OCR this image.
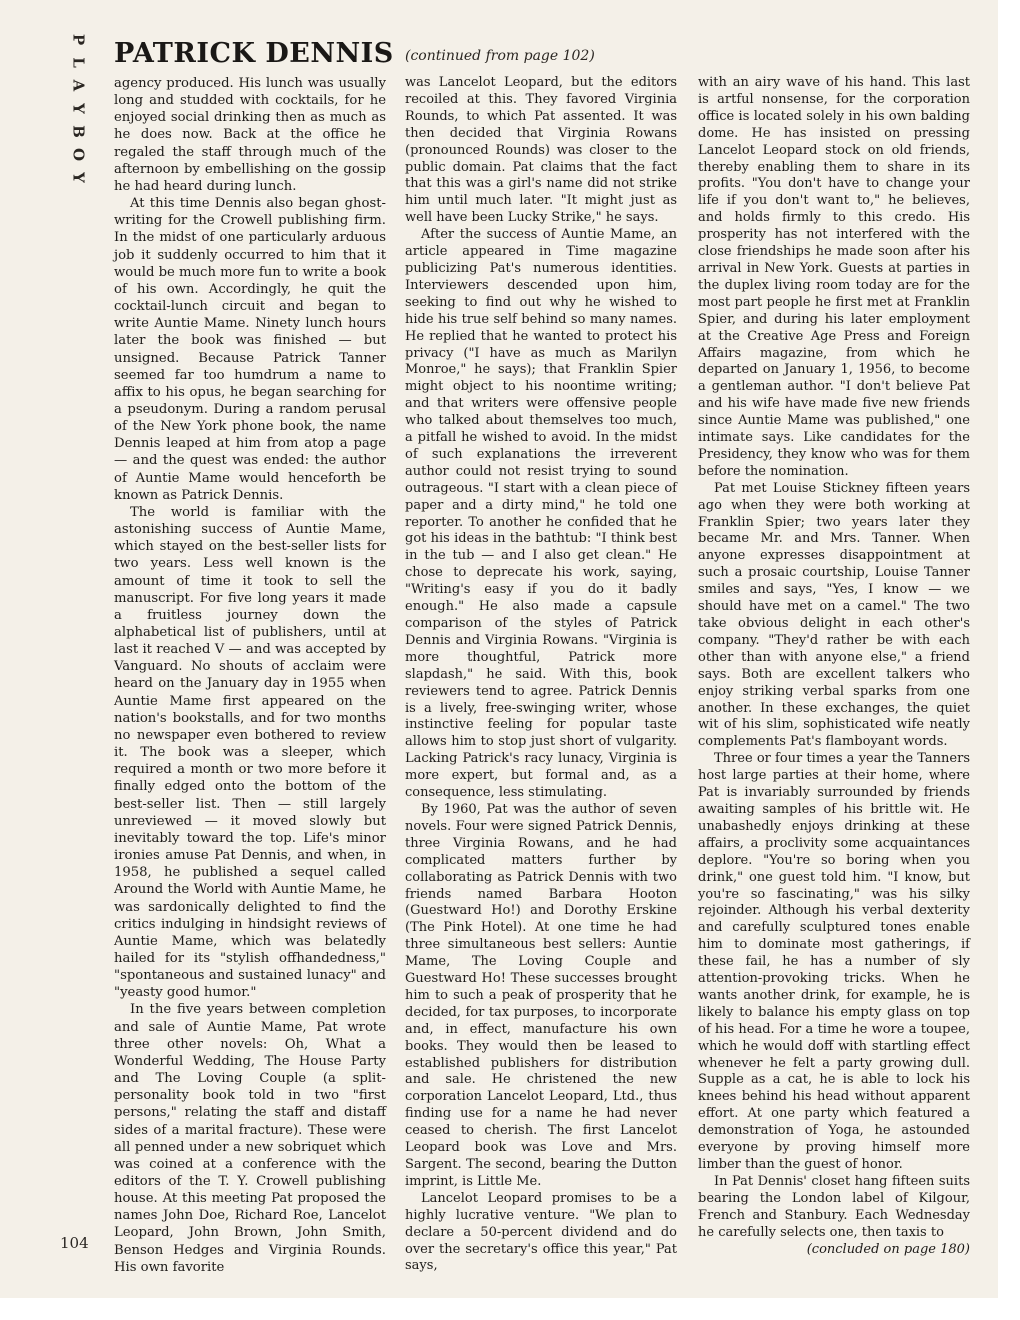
P
L
A
Y
B
O
Y
PATRICK DENNIS (continued from page 102)

agency produced. His lunch was usually long and studded with cocktails, for he enjoyed social drinking then as much as he does now. Back at the office he regaled the staff through much of the afternoon by embellishing on the gossip he had heard during lunch.

At this time Dennis also began ghost-writing for the Crowell publishing firm. In the midst of one particularly arduous job it suddenly occurred to him that it would be much more fun to write a book of his own. Accordingly, he quit the cocktail-lunch circuit and began to write Auntie Mame. Ninety lunch hours later the book was finished — but unsigned. Because Patrick Tanner seemed far too humdrum a name to affix to his opus, he began searching for a pseudonym. During a random perusal of the New York phone book, the name Dennis leaped at him from atop a page — and the quest was ended: the author of Auntie Mame would henceforth be known as Patrick Dennis.

The world is familiar with the astonishing success of Auntie Mame, which stayed on the best-seller lists for two years. Less well known is the amount of time it took to sell the manuscript. For five long years it made a fruitless journey down the alphabetical list of publishers, until at last it reached V — and was accepted by Vanguard. No shouts of acclaim were heard on the January day in 1955 when Auntie Mame first appeared on the nation's bookstalls, and for two months no newspaper even bothered to review it. The book was a sleeper, which required a month or two more before it finally edged onto the bottom of the best-seller list. Then — still largely unreviewed — it moved slowly but inevitably toward the top. Life's minor ironies amuse Pat Dennis, and when, in 1958, he published a sequel called Around the World with Auntie Mame, he was sardonically delighted to find the critics indulging in hindsight reviews of Auntie Mame, which was belatedly hailed for its "stylish offhandedness," "spontaneous and sustained lunacy" and "yeasty good humor."

In the five years between completion and sale of Auntie Mame, Pat wrote three other novels: Oh, What a Wonderful Wedding, The House Party and The Loving Couple (a split-personality book told in two "first persons," relating the staff and distaff sides of a marital fracture). These were all penned under a new sobriquet which was coined at a conference with the editors of the T. Y. Crowell publishing house. At this meeting Pat proposed the names John Doe, Richard Roe, Lancelot Leopard, John Brown, John Smith, Benson Hedges and Virginia Rounds. His own favorite

was Lancelot Leopard, but the editors recoiled at this. They favored Virginia Rounds, to which Pat assented. It was then decided that Virginia Rowans (pronounced Rounds) was closer to the public domain. Pat claims that the fact that this was a girl's name did not strike him until much later. "It might just as well have been Lucky Strike," he says.

After the success of Auntie Mame, an article appeared in Time magazine publicizing Pat's numerous identities. Interviewers descended upon him, seeking to find out why he wished to hide his true self behind so many names. He replied that he wanted to protect his privacy ("I have as much as Marilyn Monroe," he says); that Franklin Spier might object to his noontime writing; and that writers were offensive people who talked about themselves too much, a pitfall he wished to avoid. In the midst of such explanations the irreverent author could not resist trying to sound outrageous. "I start with a clean piece of paper and a dirty mind," he told one reporter. To another he confided that he got his ideas in the bathtub: "I think best in the tub — and I also get clean." He chose to deprecate his work, saying, "Writing's easy if you do it badly enough." He also made a capsule comparison of the styles of Patrick Dennis and Virginia Rowans. "Virginia is more thoughtful, Patrick more slapdash," he said. With this, book reviewers tend to agree. Patrick Dennis is a lively, free-swinging writer, whose instinctive feeling for popular taste allows him to stop just short of vulgarity. Lacking Patrick's racy lunacy, Virginia is more expert, but formal and, as a consequence, less stimulating.

By 1960, Pat was the author of seven novels. Four were signed Patrick Dennis, three Virginia Rowans, and he had complicated matters further by collaborating as Patrick Dennis with two friends named Barbara Hooton (Guestward Ho!) and Dorothy Erskine (The Pink Hotel). At one time he had three simultaneous best sellers: Auntie Mame, The Loving Couple and Guestward Ho! These successes brought him to such a peak of prosperity that he decided, for tax purposes, to incorporate and, in effect, manufacture his own books. They would then be leased to established publishers for distribution and sale. He christened the new corporation Lancelot Leopard, Ltd., thus finding use for a name he had never ceased to cherish. The first Lancelot Leopard book was Love and Mrs. Sargent. The second, bearing the Dutton imprint, is Little Me.

Lancelot Leopard promises to be a highly lucrative venture. "We plan to declare a 50-percent dividend and do over the secretary's office this year," Pat says,

with an airy wave of his hand. This last is artful nonsense, for the corporation office is located solely in his own balding dome. He has insisted on pressing Lancelot Leopard stock on old friends, thereby enabling them to share in its profits. "You don't have to change your life if you don't want to," he believes, and holds firmly to this credo. His prosperity has not interfered with the close friendships he made soon after his arrival in New York. Guests at parties in the duplex living room today are for the most part people he first met at Franklin Spier, and during his later employment at the Creative Age Press and Foreign Affairs magazine, from which he departed on January 1, 1956, to become a gentleman author. "I don't believe Pat and his wife have made five new friends since Auntie Mame was published," one intimate says. Like candidates for the Presidency, they know who was for them before the nomination.

Pat met Louise Stickney fifteen years ago when they were both working at Franklin Spier; two years later they became Mr. and Mrs. Tanner. When anyone expresses disappointment at such a prosaic courtship, Louise Tanner smiles and says, "Yes, I know — we should have met on a camel." The two take obvious delight in each other's company. "They'd rather be with each other than with anyone else," a friend says. Both are excellent talkers who enjoy striking verbal sparks from one another. In these exchanges, the quiet wit of his slim, sophisticated wife neatly complements Pat's flamboyant words.

Three or four times a year the Tanners host large parties at their home, where Pat is invariably surrounded by friends awaiting samples of his brittle wit. He unabashedly enjoys drinking at these affairs, a proclivity some acquaintances deplore. "You're so boring when you drink," one guest told him. "I know, but you're so fascinating," was his silky rejoinder. Although his verbal dexterity and carefully sculptured tones enable him to dominate most gatherings, if these fail, he has a number of sly attention-provoking tricks. When he wants another drink, for example, he is likely to balance his empty glass on top of his head. For a time he wore a toupee, which he would doff with startling effect whenever he felt a party growing dull. Supple as a cat, he is able to lock his knees behind his head without apparent effort. At one party which featured a demonstration of Yoga, he astounded everyone by proving himself more limber than the guest of honor.

In Pat Dennis' closet hang fifteen suits bearing the London label of Kilgour, French and Stanbury. Each Wednesday he carefully selects one, then taxis to

(concluded on page 180)

104
